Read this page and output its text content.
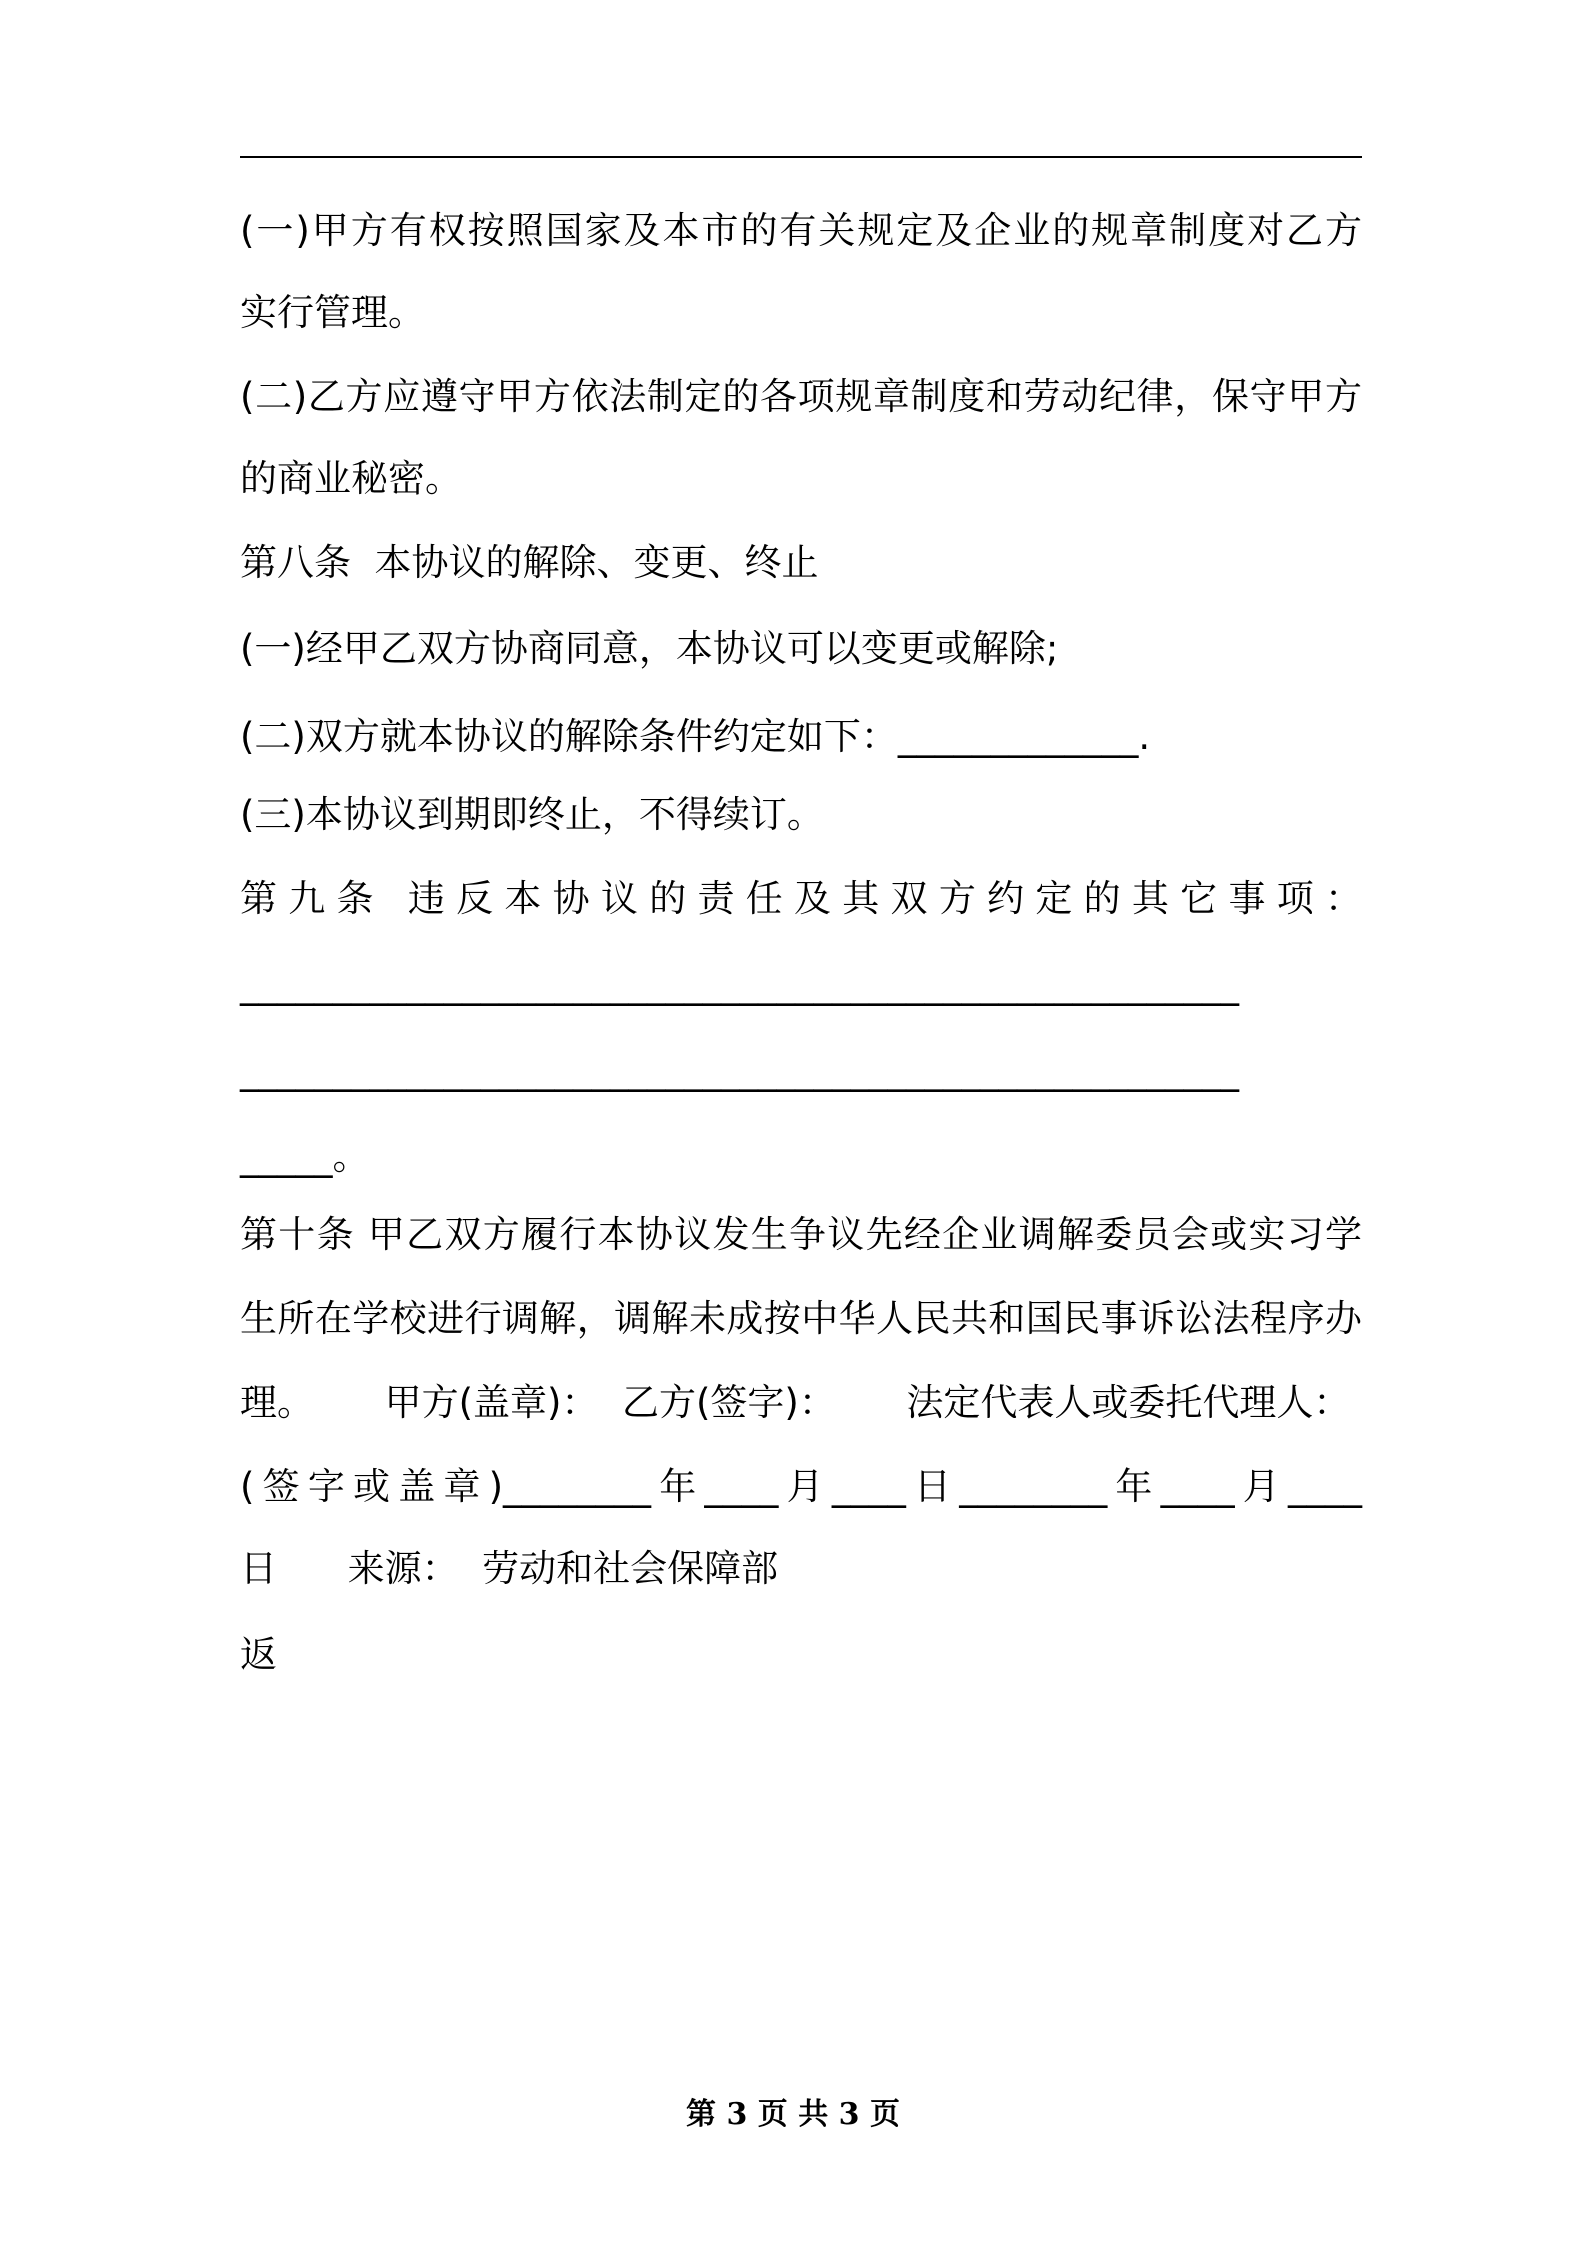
(一)甲方有权按照国家及本市的有关规定及企业的规章制度对乙方
实行管理。
(二)乙方应遵守甲方依法制定的各项规章制度和劳动纪律，保守甲方
的商业秘密。
第八条  本协议的解除、变更、终止
(一)经甲乙双方协商同意，本协议可以变更或解除;
(二)双方就本协议的解除条件约定如下：_____________.
(三)本协议到期即终止，不得续订。
第九条 违反本协议的责任及其双方约定的其它事项：
______________________________________________________
______________________________________________________
_____。
第十条 甲乙双方履行本协议发生争议先经企业调解委员会或实习学
生所在学校进行调解，调解未成按中华人民共和国民事诉讼法程序办
理。      甲方(盖章)：  乙方(签字)：      法定代表人或委托代理人：
(签字或盖章)________年____月____日________年____月____
日      来源：  劳动和社会保障部
返
第 3 页 共 3 页
